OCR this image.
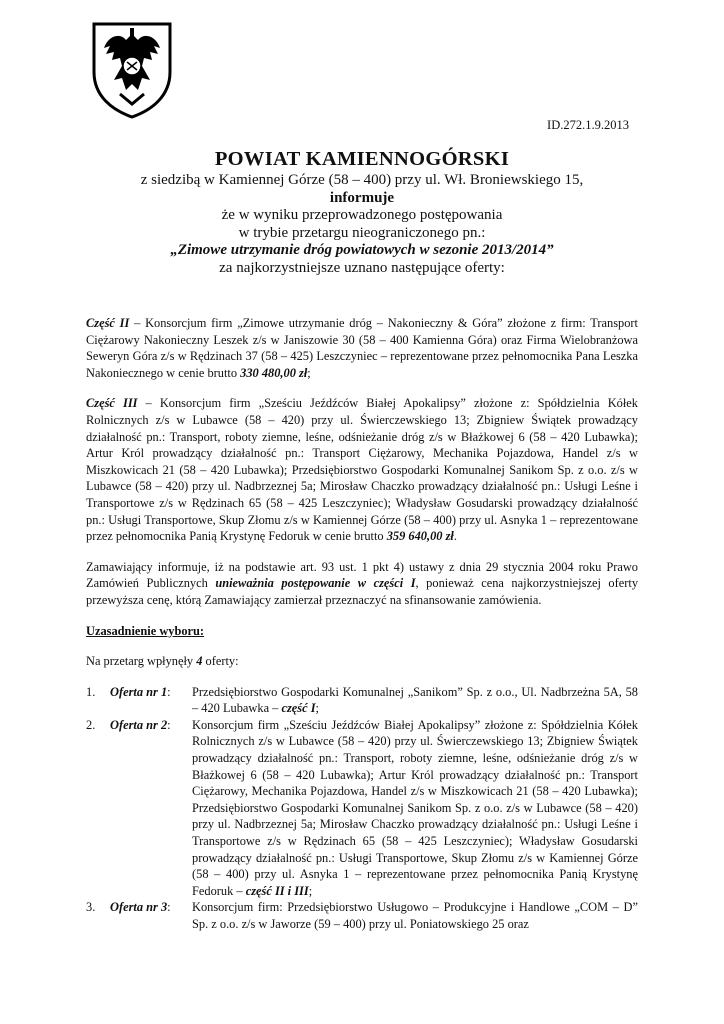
ID.272.1.9.2013
POWIAT KAMIENNOGÓRSKI
z siedzibą w Kamiennej Górze (58 – 400) przy ul. Wł. Broniewskiego 15,
informuje
że w wyniku przeprowadzonego postępowania
w trybie przetargu nieograniczonego pn.:
„Zimowe utrzymanie dróg powiatowych w sezonie 2013/2014”
za najkorzystniejsze uznano następujące oferty:

Część II – Konsorcjum firm „Zimowe utrzymanie dróg – Nakonieczny & Góra” złożone z firm: Transport Ciężarowy Nakonieczny Leszek z/s w Janiszowie 30 (58 – 400 Kamienna Góra) oraz Firma Wielobranżowa Seweryn Góra z/s w Rędzinach 37 (58 – 425) Leszczyniec – reprezentowane przez pełnomocnika Pana Leszka Nakoniecznego w cenie brutto 330 480,00 zł;

Część III – Konsorcjum firm „Sześciu Jeźdźców Białej Apokalipsy” złożone z: Spółdzielnia Kółek Rolnicznych z/s w Lubawce (58 – 420) przy ul. Świerczewskiego 13; Zbigniew Świątek prowadzący działalność pn.: Transport, roboty ziemne, leśne, odśnieżanie dróg z/s w Błażkowej 6 (58 – 420 Lubawka); Artur Król prowadzący działalność pn.: Transport Ciężarowy, Mechanika Pojazdowa, Handel z/s w Miszkowicach 21 (58 – 420 Lubawka); Przedsiębiorstwo Gospodarki Komunalnej Sanikom Sp. z o.o. z/s w Lubawce (58 – 420) przy ul. Nadbrzeznej 5a; Mirosław Chaczko prowadzący działalność pn.: Usługi Leśne i Transportowe z/s w Rędzinach 65 (58 – 425 Leszczyniec); Władysław Gosudarski prowadzący działalność pn.: Usługi Transportowe, Skup Złomu z/s w Kamiennej Górze (58 – 400) przy ul. Asnyka 1 – reprezentowane przez pełnomocnika Panią Krystynę Fedoruk w cenie brutto 359 640,00 zł.

Zamawiający informuje, iż na podstawie art. 93 ust. 1 pkt 4) ustawy z dnia 29 stycznia 2004 roku Prawo Zamówień Publicznych unieważnia postępowanie w części I, ponieważ cena najkorzystniejszej oferty przewyższa cenę, którą Zamawiający zamierzał przeznaczyć na sfinansowanie zamówienia.

Uzasadnienie wyboru:

Na przetarg wpłynęły 4 oferty:

1.	Oferta nr 1:	Przedsiębiorstwo Gospodarki Komunalnej „Sanikom” Sp. z o.o., Ul. Nadbrzeżna 5A, 58 – 420 Lubawka – część I;
2.	Oferta nr 2:	Konsorcjum firm „Sześciu Jeźdźców Białej Apokalipsy” złożone z: Spółdzielnia Kółek Rolnicznych z/s w Lubawce (58 – 420) przy ul. Świerczewskiego 13; Zbigniew Świątek prowadzący działalność pn.: Transport, roboty ziemne, leśne, odśnieżanie dróg z/s w Błażkowej 6 (58 – 420 Lubawka); Artur Król prowadzący działalność pn.: Transport Ciężarowy, Mechanika Pojazdowa, Handel z/s w Miszkowicach 21 (58 – 420 Lubawka); Przedsiębiorstwo Gospodarki Komunalnej Sanikom Sp. z o.o. z/s w Lubawce (58 – 420) przy ul. Nadbrzeznej 5a; Mirosław Chaczko prowadzący działalność pn.: Usługi Leśne i Transportowe z/s w Rędzinach 65 (58 – 425 Leszczyniec); Władysław Gosudarski prowadzący działalność pn.: Usługi Transportowe, Skup Złomu z/s w Kamiennej Górze (58 – 400) przy ul. Asnyka 1 – reprezentowane przez pełnomocnika Panią Krystynę Fedoruk – część II i III;
3.	Oferta nr 3:	Konsorcjum firm: Przedsiębiorstwo Usługowo – Produkcyjne i Handlowe „COM – D” Sp. z o.o. z/s w Jaworze (59 – 400) przy ul. Poniatowskiego 25 oraz
